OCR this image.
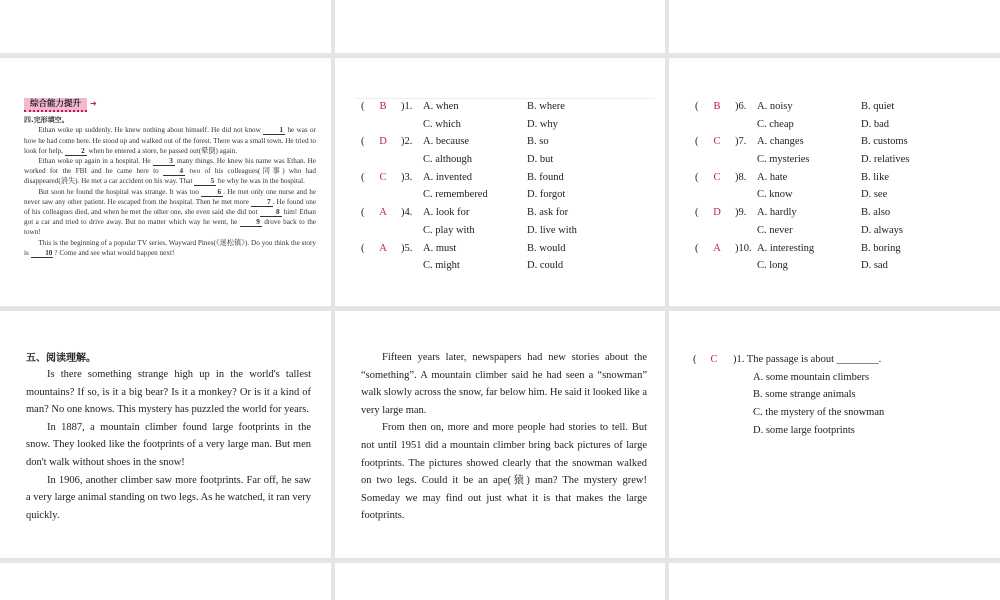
综合能力提升 ➜
四.完形填空。

Ethan woke up suddenly. He knew nothing about himself. He did not know	1 he was or how he had come here. He stood up and walked out of the forest. There was a small town. He tried to look for help,	2 when he entered a store, he passed out(晕倒) again.

Ethan woke up again in a hospital. He	3 many things. He knew his name was Ethan. He worked for the FBI and he came here to	4 two of his colleagues(同事) who had disappeared(消失). He met a car accident on his way. That	5 be why he was in the hospital.

But soon he found the hospital was strange. It was too	6 . He met only one nurse and he never saw any other patient. He escaped from the hospital. Then he met more	7 . He found one of his colleagues died, and when he met the other one, she even said she did not	8 him! Ethan got a car and tried to drive away. But no matter which way he went, he	9 drove back to the town!

This is the beginning of a popular TV series, Wayward Pines(《迷松镇》). Do you think the story is 10 ? Come and see what would happen next!

(	B	)1. A. when	B. where
C. which	D. why
(	D	)2. A. because	B. so
C. although	D. but
(	C	)3. A. invented	B. found
C. remembered	D. forgot
(	A	)4. A. look for	B. ask for
C. play with	D. live with
(	A	)5. A. must	B. would
C. might	D. could
(	B	)6. A. noisy	B. quiet
C. cheap	D. bad
(	C	)7. A. changes	B. customs
C. mysteries	D. relatives
(	C	)8. A. hate	B. like
C. know	D. see
(	D	)9. A. hardly	B. also
C. never	D. always
(	A	)10. A. interesting	B. boring
C. long	D. sad
五、阅读理解。

Is there something strange high up in the world's tallest mountains? If so, is it a big bear? Is it a monkey? Or is it a kind of man? No one knows. This mystery has puzzled the world for years.

In 1887, a mountain climber found large footprints in the snow. They looked like the footprints of a very large man. But men don't walk without shoes in the snow!

In 1906, another climber saw more footprints. Far off, he saw a very large animal standing on two legs. As he watched, it ran very quickly.

Fifteen years later, newspapers had new stories about the “something”. A mountain climber said he had seen a “snowman” walk slowly across the snow, far below him. He said it looked like a very large man.

From then on, more and more people had stories to tell. But not until 1951 did a mountain climber bring back pictures of large footprints. The pictures showed clearly that the snowman walked on two legs. Could it be an ape(猿) man? The mystery grew! Someday we may find out just what it is that makes the large footprints.

(	C	)1. The passage is about ________.
A. some mountain climbers
B. some strange animals
C. the mystery of the snowman
D. some large footprints
